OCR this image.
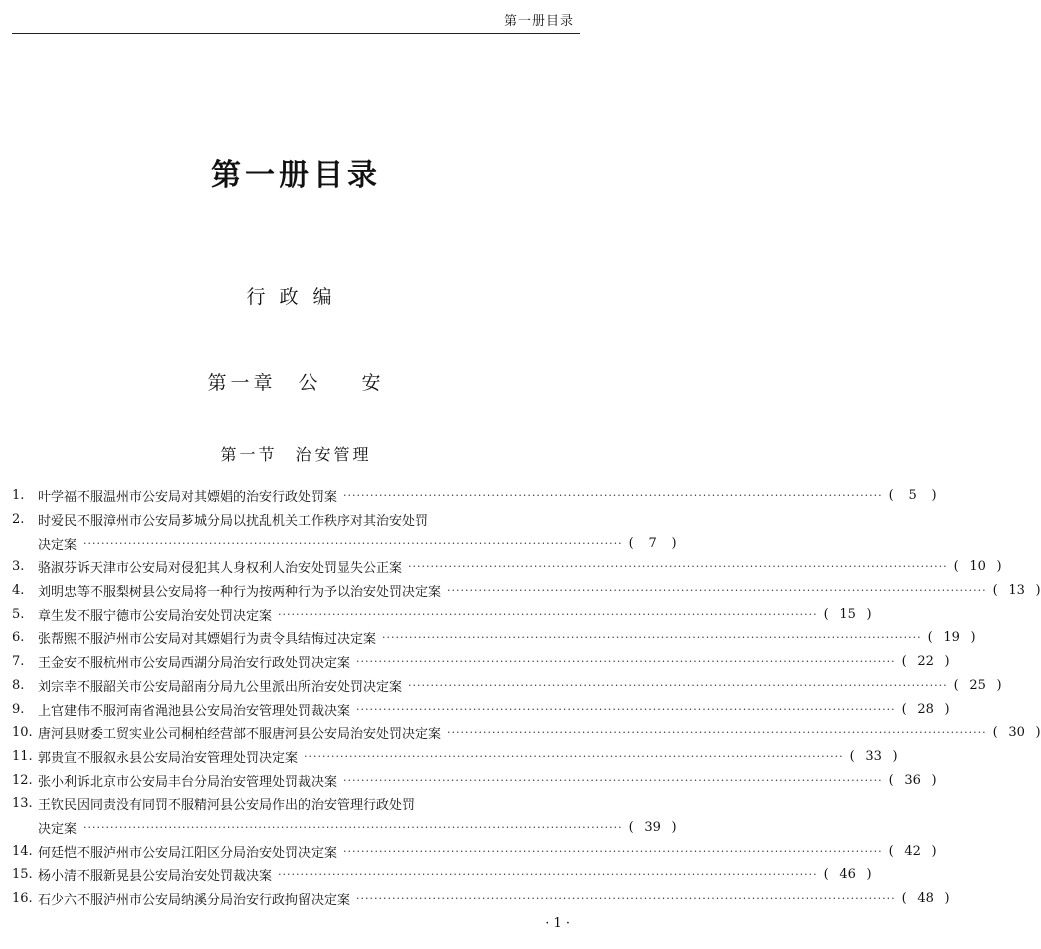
第一册目录
第一册目录
行政编
第一章 公 安
第一节 治安管理
1.	叶学福不服温州市公安局对其嫖娼的治安行政处罚案 ························································································································ (	5	)
2.	时爱民不服漳州市公安局芗城分局以扰乱机关工作秩序对其治安处罚
决定案 ························································································································ (	7	)
3.	骆淑芬诉天津市公安局对侵犯其人身权利人治安处罚显失公正案 ························································································································ ( 10 )
4.	刘明忠等不服梨树县公安局将一种行为按两种行为予以治安处罚决定案 ························································································································ ( 13 )
5.	章生发不服宁德市公安局治安处罚决定案 ························································································································ ( 15 )
6.	张帮煕不服泸州市公安局对其嫖娼行为责令具结悔过决定案 ························································································································ ( 19 )
7.	王金安不服杭州市公安局西湖分局治安行政处罚决定案 ························································································································ ( 22 )
8.	刘宗幸不服韶关市公安局韶南分局九公里派出所治安处罚决定案 ························································································································ ( 25 )
9.	上官建伟不服河南省渑池县公安局治安管理处罚裁决案 ························································································································ ( 28 )
10. 唐河县财委工贸实业公司桐柏经营部不服唐河县公安局治安处罚决定案 ························································································································ ( 30 )
11. 郭贵宣不服叙永县公安局治安管理处罚决定案 ························································································································ ( 33 )
12. 张小利诉北京市公安局丰台分局治安管理处罚裁决案 ························································································································ ( 36 )
13. 王钦民因同责没有同罚不服精河县公安局作出的治安管理行政处罚
决定案 ························································································································ ( 39 )
14. 何廷恺不服泸州市公安局江阳区分局治安处罚决定案 ························································································································ ( 42 )
15. 杨小清不服新晃县公安局治安处罚裁决案 ························································································································ ( 46 )
16. 石少六不服泸州市公安局纳溪分局治安行政拘留决定案 ························································································································ ( 48 )
· 1 ·
